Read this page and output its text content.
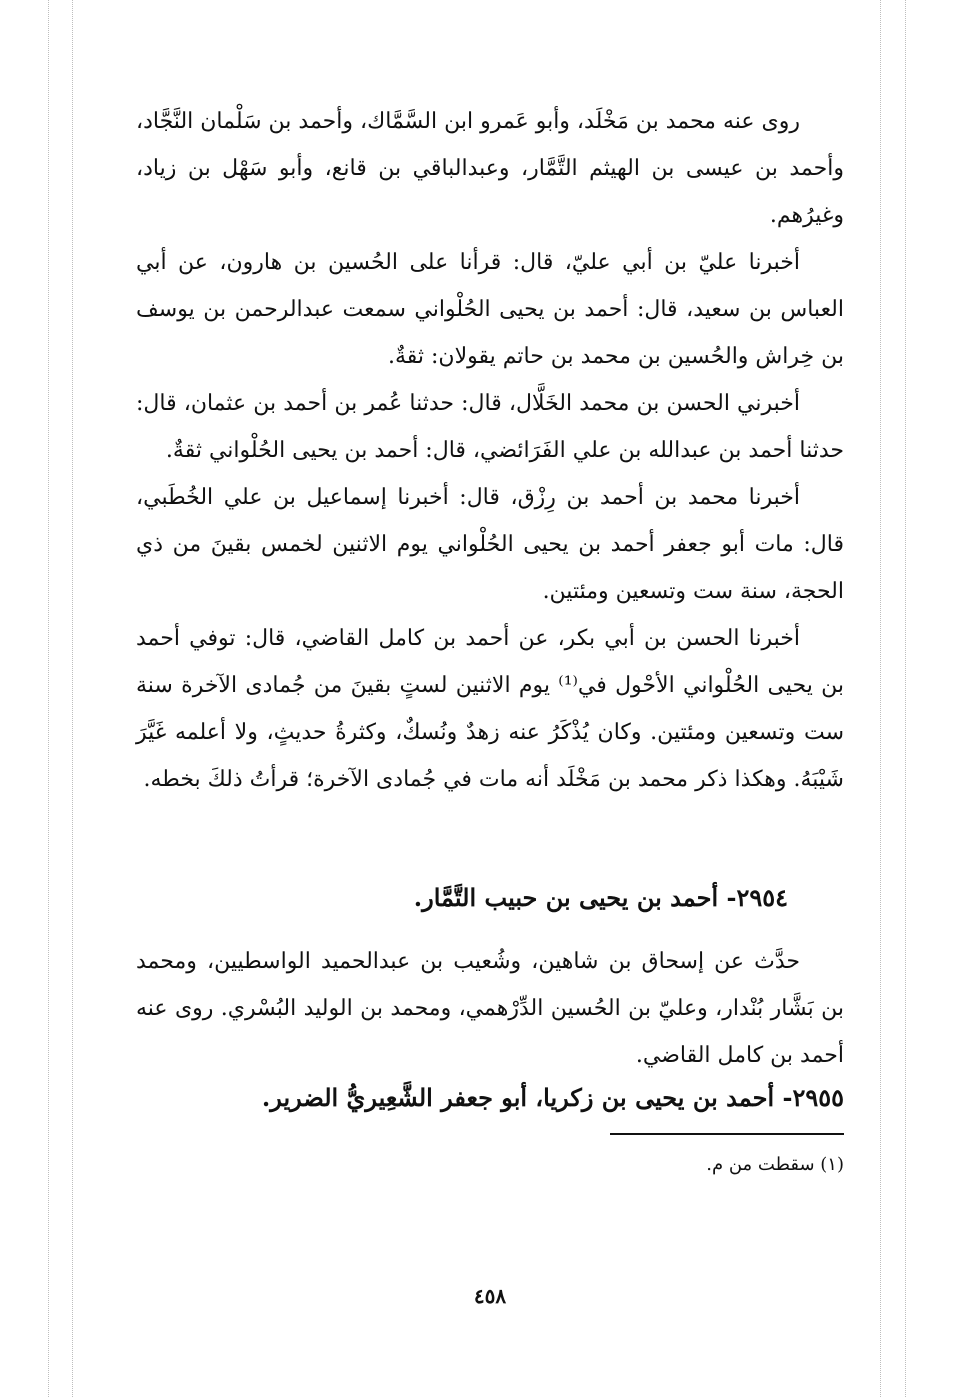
روى عنه محمد بن مَخْلَد، وأبو عَمرو ابن السَّمَّاك، وأحمد بن سَلْمان النَّجَّاد، وأحمد بن عيسى بن الهيثم التَّمَّار، وعبدالباقي بن قانع، وأبو سَهْل بن زياد، وغيرُهم.

أخبرنا عليّ بن أبي عليّ، قال: قرأنا على الحُسين بن هارون، عن أبي العباس بن سعيد، قال: أحمد بن يحيى الحُلْواني سمعت عبدالرحمن بن يوسف بن خِراش والحُسين بن محمد بن حاتم يقولان: ثقةٌ.

أخبرني الحسن بن محمد الخَلَّال، قال: حدثنا عُمر بن أحمد بن عثمان، قال: حدثنا أحمد بن عبدالله بن علي الفَرَائضي، قال: أحمد بن يحيى الحُلْواني ثقةٌ.

أخبرنا محمد بن أحمد بن رِزْق، قال: أخبرنا إسماعيل بن علي الخُطَبي، قال: مات أبو جعفر أحمد بن يحيى الحُلْواني يوم الاثنين لخمس بقينَ من ذي الحجة، سنة ست وتسعين ومئتين.

أخبرنا الحسن بن أبي بكر، عن أحمد بن كامل القاضي، قال: توفي أحمد بن يحيى الحُلْواني الأحْول في⁽¹⁾ يوم الاثنين لستٍ بقينَ من جُمادى الآخرة سنة ست وتسعين ومئتين. وكان يُذْكَرُ عنه زهدٌ ونُسكٌ، وكثرةُ حديثٍ، ولا أعلمه غَيَّرَ شَيْبَهُ. وهكذا ذكر محمد بن مَخْلَد أنه مات في جُمادى الآخرة؛ قرأتُ ذلكَ بخطه.

٢٩٥٤- أحمد بن يحيى بن حبيب التَّمَّار.

حدَّث عن إسحاق بن شاهين، وشُعيب بن عبدالحميد الواسطيين، ومحمد بن بَشَّار بُنْدار، وعليّ بن الحُسين الدِّرْهمي، ومحمد بن الوليد البُسْري. روى عنه أحمد بن كامل القاضي.

٢٩٥٥- أحمد بن يحيى بن زكريا، أبو جعفر الشَّعِيريُّ الضرير.
(١) سقطت من م.
٤٥٨
